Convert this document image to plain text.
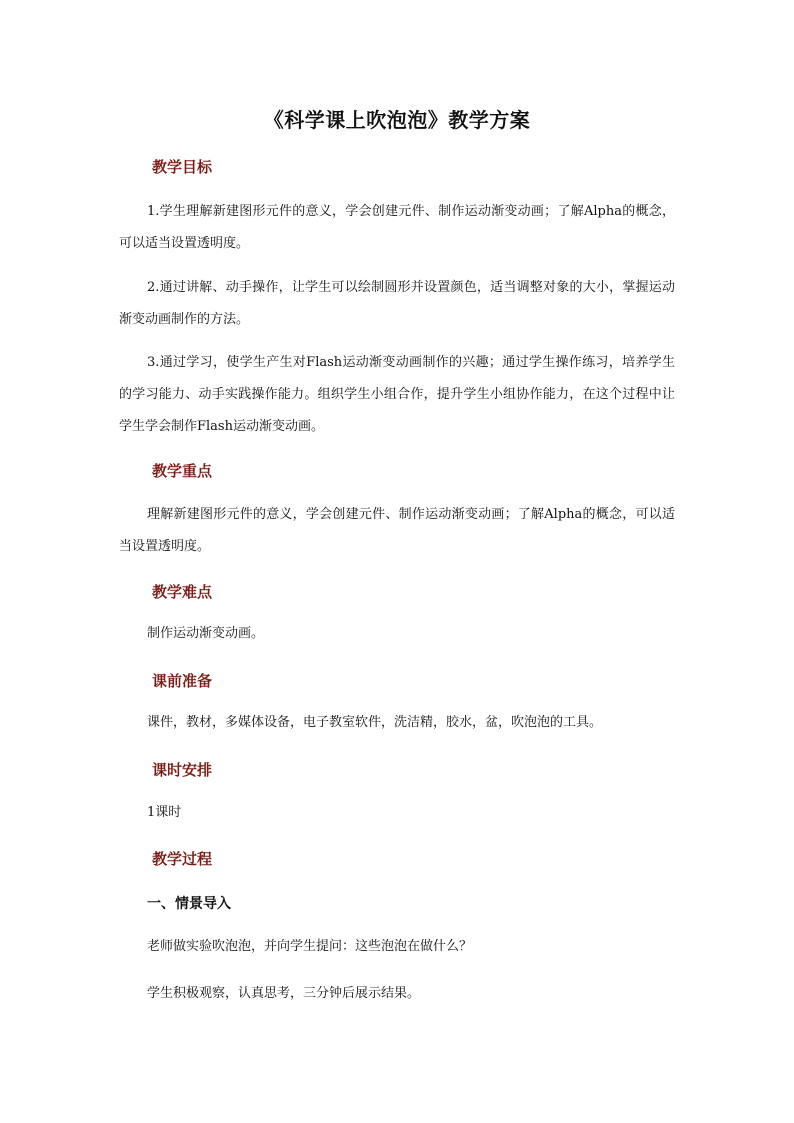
《科学课上吹泡泡》教学方案
教学目标
1.学生理解新建图形元件的意义，学会创建元件、制作运动渐变动画；了解Alpha的概念，可以适当设置透明度。
2.通过讲解、动手操作，让学生可以绘制圆形并设置颜色，适当调整对象的大小，掌握运动渐变动画制作的方法。
3.通过学习，使学生产生对Flash运动渐变动画制作的兴趣；通过学生操作练习，培养学生的学习能力、动手实践操作能力。组织学生小组合作，提升学生小组协作能力，在这个过程中让学生学会制作Flash运动渐变动画。
教学重点
理解新建图形元件的意义，学会创建元件、制作运动渐变动画；了解Alpha的概念，可以适当设置透明度。
教学难点
制作运动渐变动画。
课前准备
课件，教材，多媒体设备，电子教室软件，洗洁精，胶水，盆，吹泡泡的工具。
课时安排
1课时
教学过程
一、情景导入
老师做实验吹泡泡，并向学生提问：这些泡泡在做什么？
学生积极观察，认真思考，三分钟后展示结果。
